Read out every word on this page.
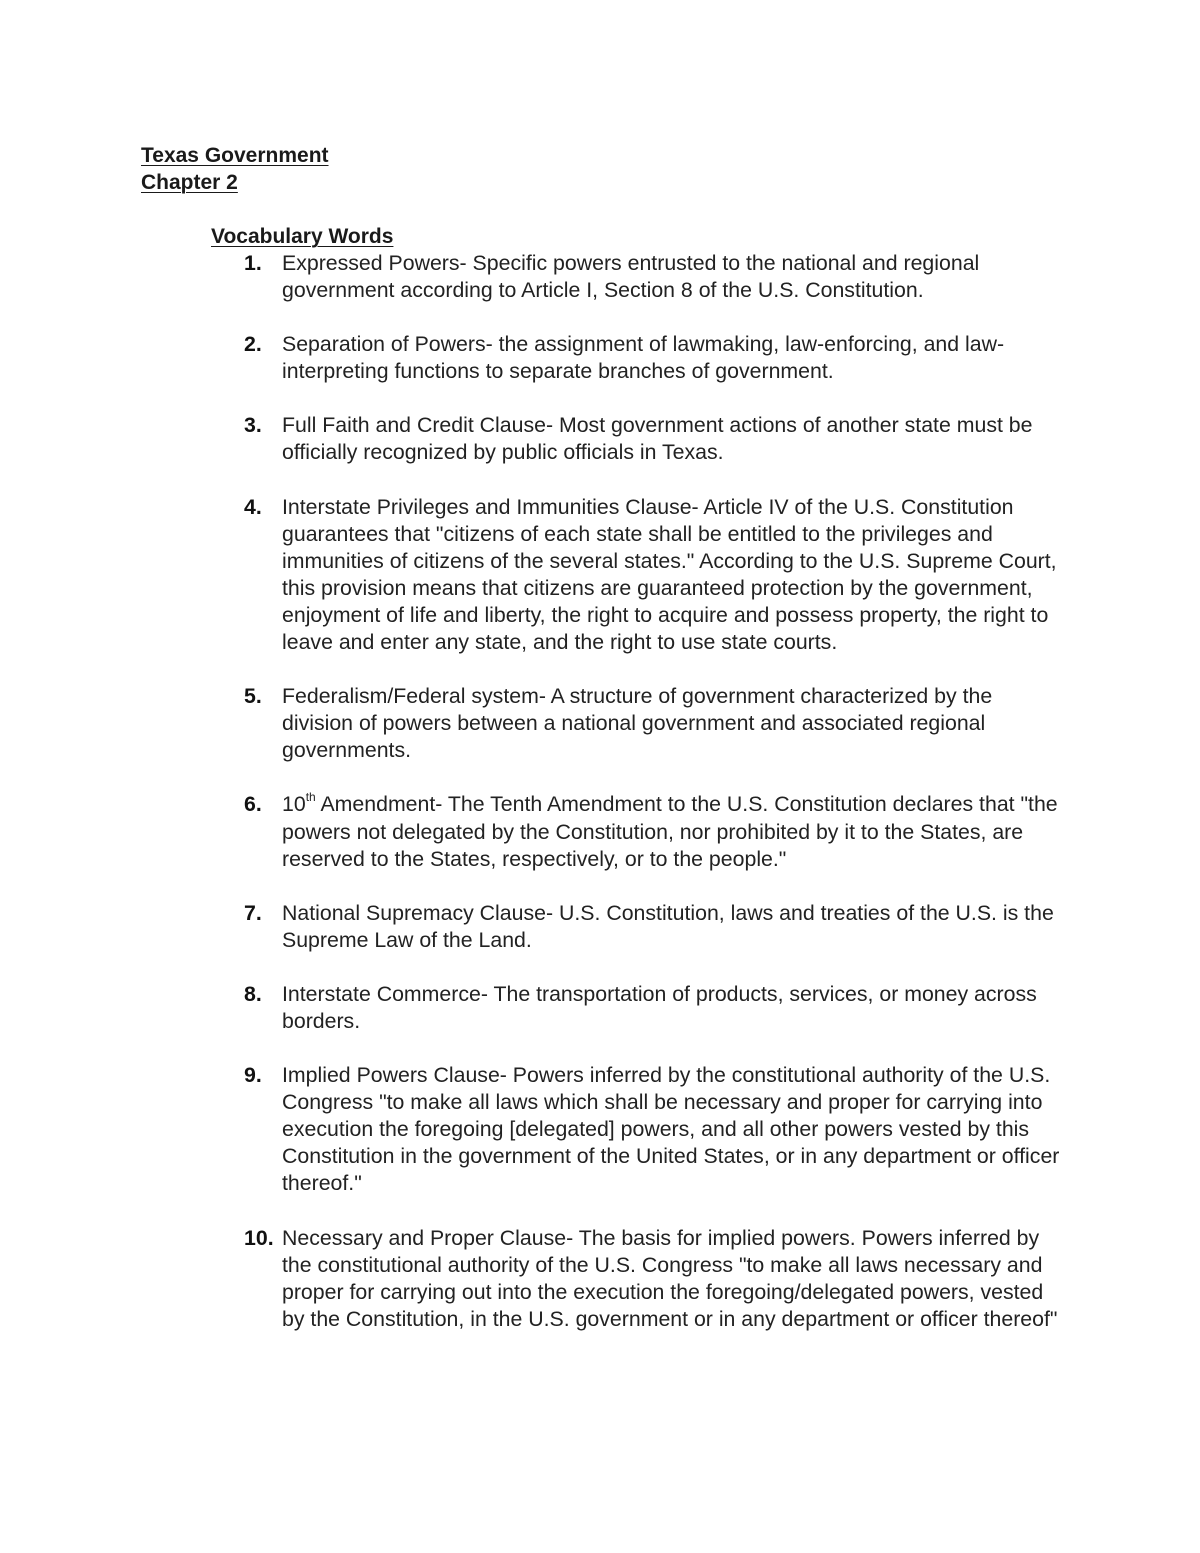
Texas Government
Chapter 2
Vocabulary Words
1. Expressed Powers- Specific powers entrusted to the national and regional government according to Article I, Section 8 of the U.S. Constitution.
2. Separation of Powers- the assignment of lawmaking, law-enforcing, and law-interpreting functions to separate branches of government.
3. Full Faith and Credit Clause- Most government actions of another state must be officially recognized by public officials in Texas.
4. Interstate Privileges and Immunities Clause- Article IV of the U.S. Constitution guarantees that "citizens of each state shall be entitled to the privileges and immunities of citizens of the several states." According to the U.S. Supreme Court, this provision means that citizens are guaranteed protection by the government, enjoyment of life and liberty, the right to acquire and possess property, the right to leave and enter any state, and the right to use state courts.
5. Federalism/Federal system- A structure of government characterized by the division of powers between a national government and associated regional governments.
6. 10th Amendment- The Tenth Amendment to the U.S. Constitution declares that "the powers not delegated by the Constitution, nor prohibited by it to the States, are reserved to the States, respectively, or to the people."
7. National Supremacy Clause- U.S. Constitution, laws and treaties of the U.S. is the Supreme Law of the Land.
8. Interstate Commerce- The transportation of products, services, or money across borders.
9. Implied Powers Clause- Powers inferred by the constitutional authority of the U.S. Congress "to make all laws which shall be necessary and proper for carrying into execution the foregoing [delegated] powers, and all other powers vested by this Constitution in the government of the United States, or in any department or officer thereof."
10. Necessary and Proper Clause- The basis for implied powers. Powers inferred by the constitutional authority of the U.S. Congress "to make all laws necessary and proper for carrying out into the execution the foregoing/delegated powers, vested by the Constitution, in the U.S. government or in any department or officer thereof"
